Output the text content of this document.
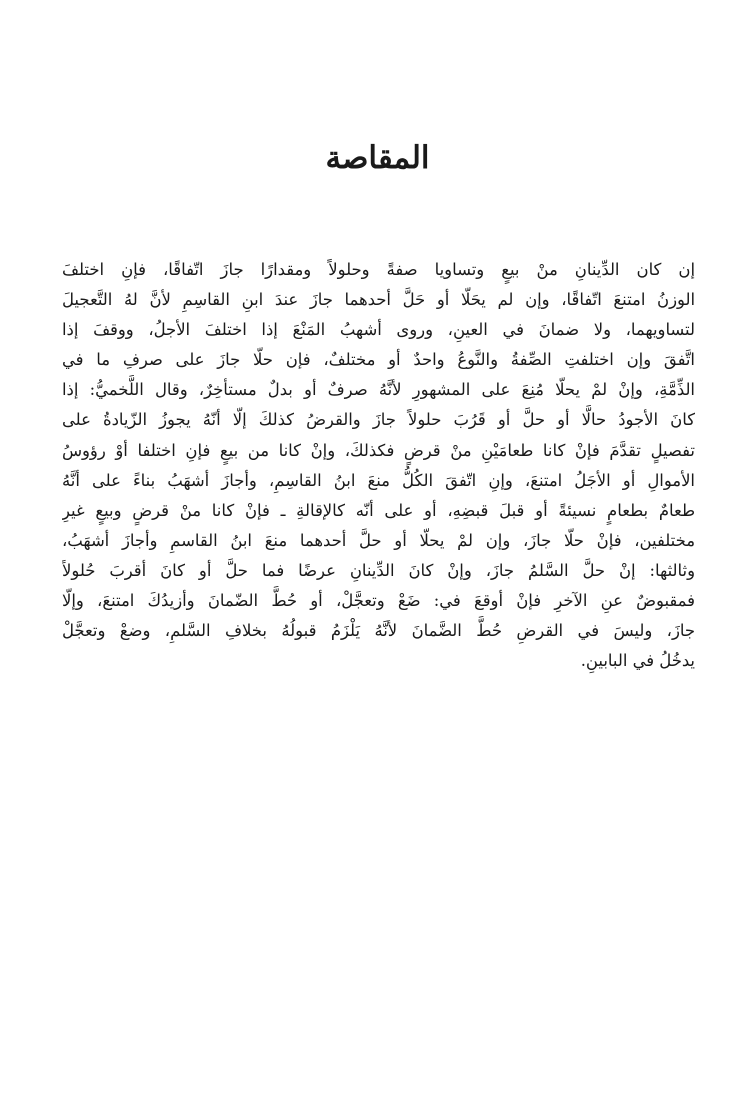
المقاصة
إن كان الدِّينانِ منْ بيعٍ وتساويا صفةً وحلولاً ومقدارًا جازَ اتّفاقًا، فإنِ اختلفَ
الوزنُ امتنعَ اتّفاقًا، وإن لم يحَلّا أو حَلَّ أحدهما جازَ عندَ ابنِ القاسِمِ لأنَّ لهُ التَّعجيلَ
لتساويهما، ولا ضمانَ في العينِ، وروى أشهبُ المَنْعَ إذا اختلفَ الأجلُ، ووقفَ إذا
اتَّفقَ وإن اختلفتِ الصِّفةُ والنَّوعُ واحدٌ أو مختلفٌ، فإن حلّا جازَ على صرفِ ما في
الذِّمَّةِ، وإنْ لمْ يحلّا مُنِعَ على المشهورِ لأنَّهُ صرفٌ أو بدلٌ مستأخِرٌ، وقال اللَّخميُّ: إذا
كانَ الأجودُ حالًّا أو حلَّ أو قَرُبَ حلولاً جازَ والقرضُ كذلكَ إلّا أنّهُ يجوزُ الزّيادةُ على
تفصيلٍ تقدَّمَ فإنْ كانا طعامَيْنِ منْ قرضٍ فكذلكَ، وإنْ كانا من بيعٍ فإنِ اختلفا أوْ رؤوسُ
الأموالِ أو الأجَلُ امتنعَ، وإنِ اتّفقَ الكُلُّ منعَ ابنُ القاسِمِ، وأجازَ أشهَبُ بناءً على أنَّهُ
طعامٌ بطعامٍ نسيئةً أو قبلَ قبضِهِ، أو على أنّه كالإقالةِ ـ فإنْ كانا منْ قرضٍ وبيعٍ غيرِ
مختلفين، فإنْ حلّا جازَ، وإن لمْ يحلّا أو حلَّ أحدهما منعَ ابنُ القاسمِ وأجازَ أشهَبُ،
وثالثها: إنْ حلَّ السَّلمُ جازَ، وإنْ كانَ الدِّينانِ عرضًا فما حلَّ أو كانَ أقربَ حُلولاً
فمقبوضٌ عنِ الآخرِ فإنْ أوقعَ في: ضَعْ وتعجَّلْ، أو حُطَّ الضّمانَ وأزيدُكَ امتنعَ، وإلّا
جازَ، وليسَ في القرضِ حُطَّ الضَّمانَ لأنَّهُ يَلْزَمُ قبولُهُ بخلافِ السَّلمِ، وضعْ وتعجَّلْ
يدخُلُ في البابينِ.
